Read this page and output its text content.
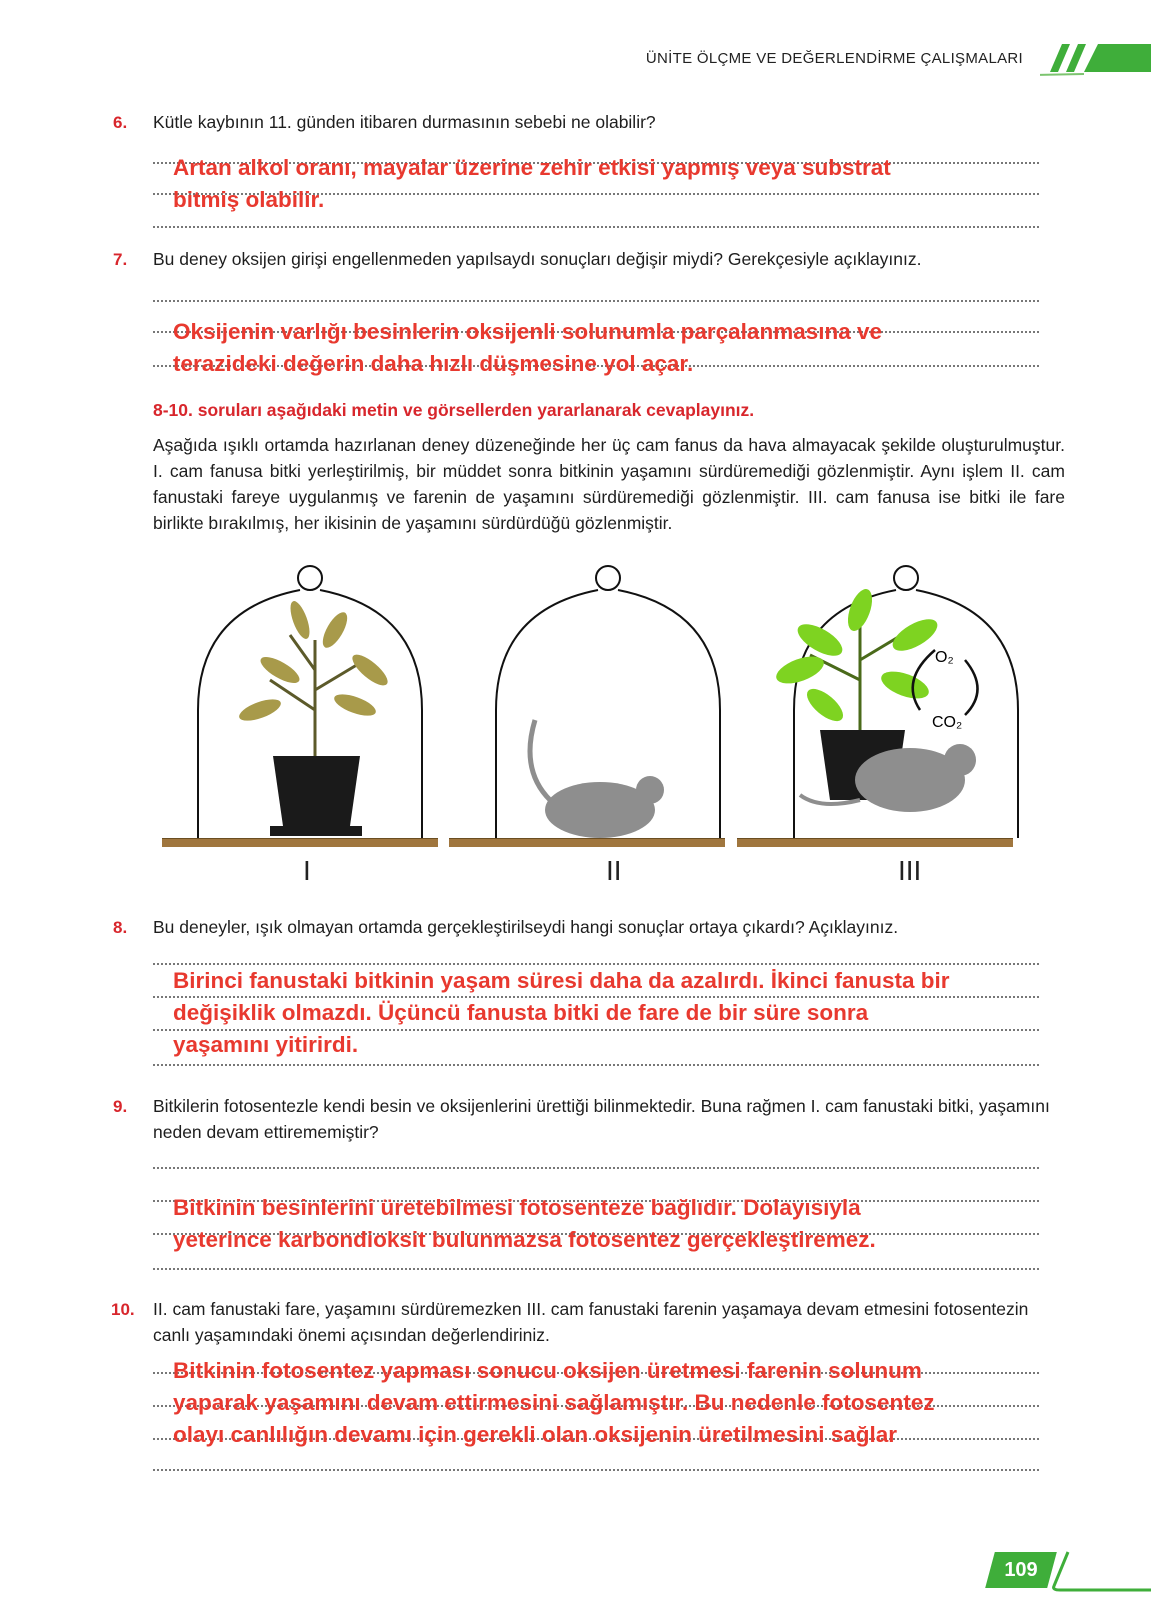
ÜNİTE ÖLÇME VE DEĞERLENDİRME ÇALIŞMALARI
6. Kütle kaybının 11. günden itibaren durmasının sebebi ne olabilir?
Artan alkol oranı, mayalar üzerine zehir etkisi yapmış veya substrat
bitmiş olabilir.
7. Bu deney oksijen girişi engellenmeden yapılsaydı sonuçları değişir miydi? Gerekçesiyle açıklayınız.
Oksijenin varlığı besinlerin oksijenli solunumla parçalanmasına ve
terazideki değerin daha hızlı düşmesine yol açar.
8-10. soruları aşağıdaki metin ve görsellerden yararlanarak cevaplayınız.
Aşağıda ışıklı ortamda hazırlanan deney düzeneğinde her üç cam fanus da hava almayacak şekilde oluşturulmuştur. I. cam fanusa bitki yerleştirilmiş, bir müddet sonra bitkinin yaşamını sürdüremediği gözlenmiştir. Aynı işlem II. cam fanustaki fareye uygulanmış ve farenin de yaşamını sürdüremediği gözlenmiştir. III. cam fanusa ise bitki ile fare birlikte bırakılmış, her ikisinin de yaşamını sürdürdüğü gözlenmiştir.
O₂
CO₂
I	II	III
8. Bu deneyler, ışık olmayan ortamda gerçekleştirilseydi hangi sonuçlar ortaya çıkardı? Açıklayınız.
Birinci fanustaki bitkinin yaşam süresi daha da azalırdı. İkinci fanusta bir
değişiklik olmazdı. Üçüncü fanusta bitki de fare de bir süre sonra
yaşamını yitirirdi.
9. Bitkilerin fotosentezle kendi besin ve oksijenlerini ürettiği bilinmektedir. Buna rağmen I. cam fanustaki bitki, yaşamını neden devam ettirememiştir?
Bitkinin besinlerini üretebilmesi fotosenteze bağlıdır. Dolayısıyla
yeterince karbondioksit bulunmazsa fotosentez gerçekleştiremez.
10. II. cam fanustaki fare, yaşamını sürdüremezken III. cam fanustaki farenin yaşamaya devam etmesini fotosentezin canlı yaşamındaki önemi açısından değerlendiriniz.
Bitkinin fotosentez yapması sonucu oksijen üretmesi farenin solunum
yaparak yaşamını devam ettirmesini sağlamıştır. Bu nedenle fotosentez
olayı canlılığın devamı için gerekli olan oksijenin üretilmesini sağlar
109
